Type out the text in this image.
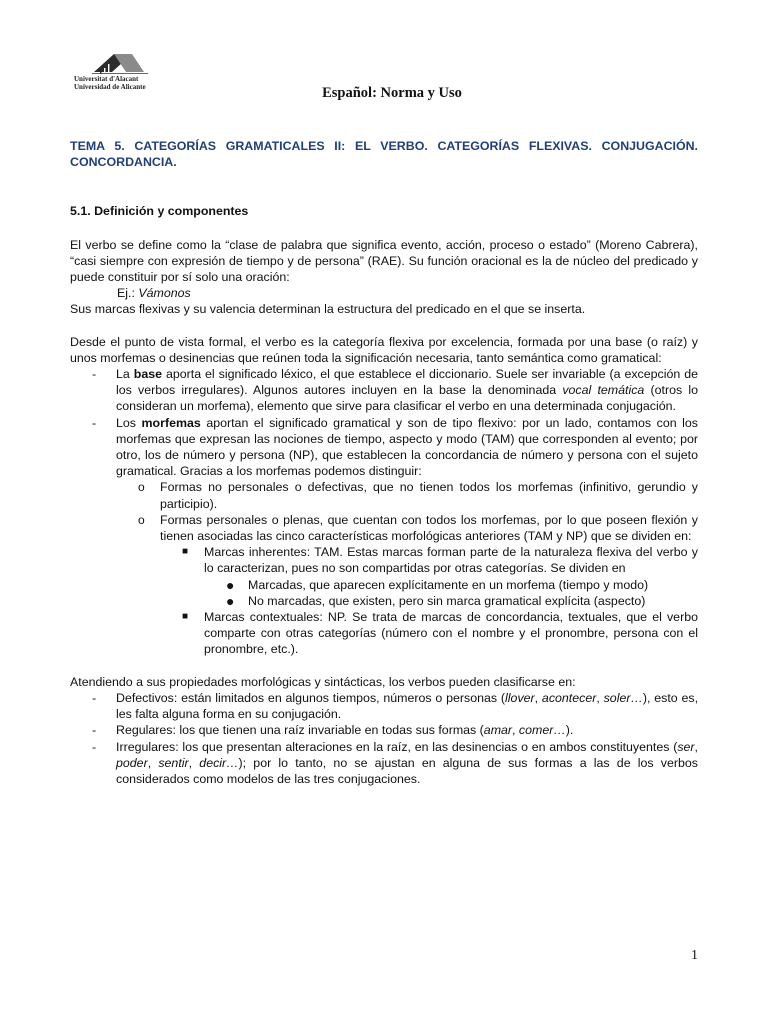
Universitat d'Alacant
Universidad de Alicante	Español: Norma y Uso

TEMA 5. CATEGORÍAS GRAMATICALES II: EL VERBO. CATEGORÍAS FLEXIVAS. CONJUGACIÓN. CONCORDANCIA.

5.1. Definición y componentes

El verbo se define como la “clase de palabra que significa evento, acción, proceso o estado” (Moreno Cabrera), “casi siempre con expresión de tiempo y de persona” (RAE). Su función oracional es la de núcleo del predicado y puede constituir por sí solo una oración:

Ej.: Vámonos

Sus marcas flexivas y su valencia determinan la estructura del predicado en el que se inserta.

Desde el punto de vista formal, el verbo es la categoría flexiva por excelencia, formada por una base (o raíz) y unos morfemas o desinencias que reúnen toda la significación necesaria, tanto semántica como gramatical:

- La base aporta el significado léxico, el que establece el diccionario. Suele ser invariable (a excepción de los verbos irregulares). Algunos autores incluyen en la base la denominada vocal temática (otros lo consideran un morfema), elemento que sirve para clasificar el verbo en una determinada conjugación.
- Los morfemas aportan el significado gramatical y son de tipo flexivo: por un lado, contamos con los morfemas que expresan las nociones de tiempo, aspecto y modo (TAM) que corresponden al evento; por otro, los de número y persona (NP), que establecen la concordancia de número y persona con el sujeto gramatical. Gracias a los morfemas podemos distinguir:
o Formas no personales o defectivas, que no tienen todos los morfemas (infinitivo, gerundio y participio).
o Formas personales o plenas, que cuentan con todos los morfemas, por lo que poseen flexión y tienen asociadas las cinco características morfológicas anteriores (TAM y NP) que se dividen en:
■ Marcas inherentes: TAM. Estas marcas forman parte de la naturaleza flexiva del verbo y lo caracterizan, pues no son compartidas por otras categorías. Se dividen en
● Marcadas, que aparecen explícitamente en un morfema (tiempo y modo)
● No marcadas, que existen, pero sin marca gramatical explícita (aspecto)
■ Marcas contextuales: NP. Se trata de marcas de concordancia, textuales, que el verbo comparte con otras categorías (número con el nombre y el pronombre, persona con el pronombre, etc.).

Atendiendo a sus propiedades morfológicas y sintácticas, los verbos pueden clasificarse en:

- Defectivos: están limitados en algunos tiempos, números o personas (llover, acontecer, soler…), esto es, les falta alguna forma en su conjugación.
- Regulares: los que tienen una raíz invariable en todas sus formas (amar, comer…).
- Irregulares: los que presentan alteraciones en la raíz, en las desinencias o en ambos constituyentes (ser, poder, sentir, decir…); por lo tanto, no se ajustan en alguna de sus formas a las de los verbos considerados como modelos de las tres conjugaciones.
1
